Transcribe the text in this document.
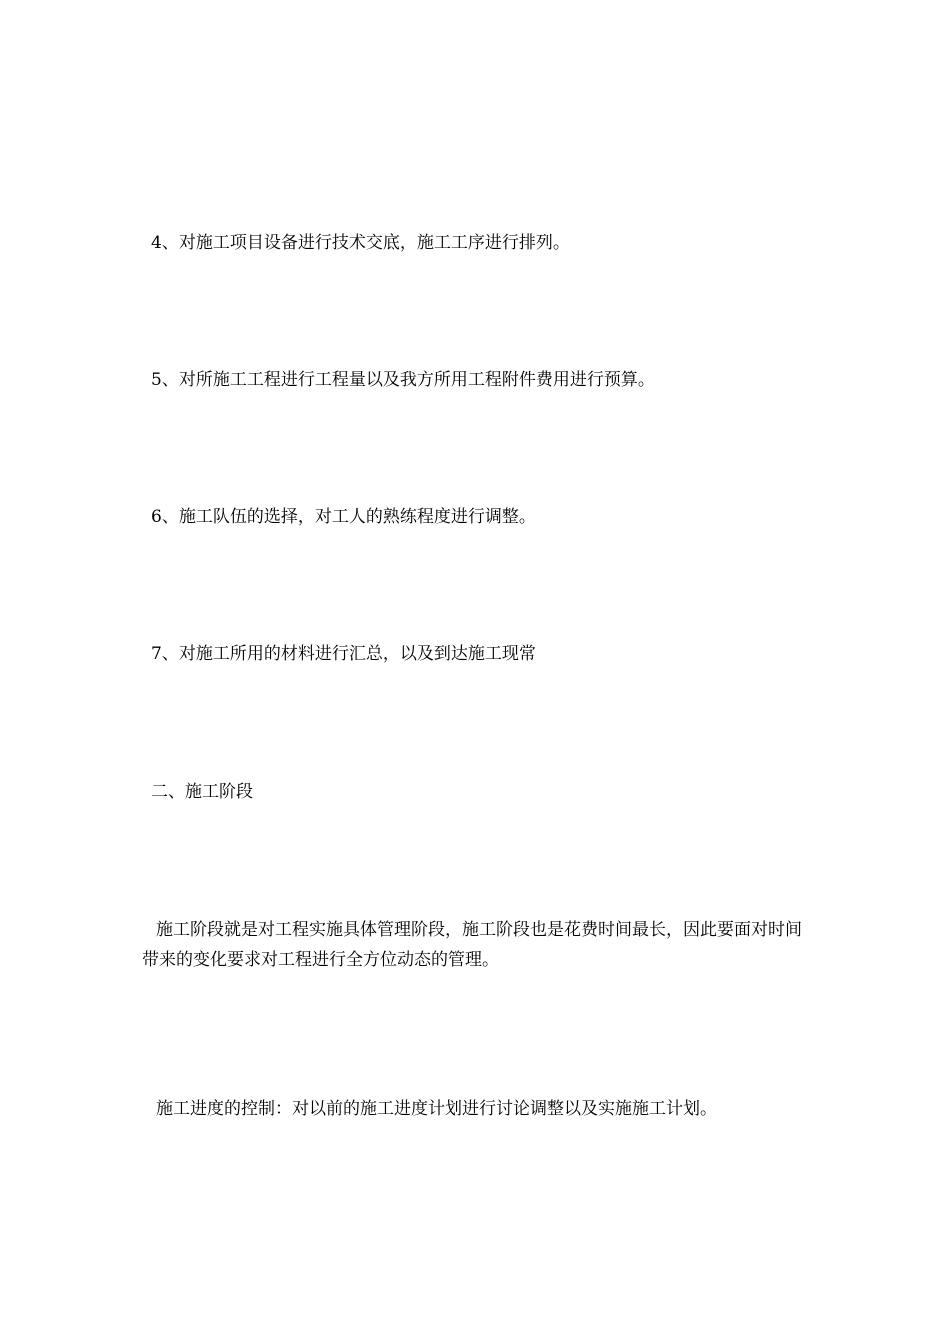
4、对施工项目设备进行技术交底，施工工序进行排列。

5、对所施工工程进行工程量以及我方所用工程附件费用进行预算。

6、施工队伍的选择，对工人的熟练程度进行调整。

7、对施工所用的材料进行汇总，以及到达施工现常

二、施工阶段

施工阶段就是对工程实施具体管理阶段，施工阶段也是花费时间最长，因此要面对时间带来的变化要求对工程进行全方位动态的管理。

施工进度的控制：对以前的施工进度计划进行讨论调整以及实施施工计划。
